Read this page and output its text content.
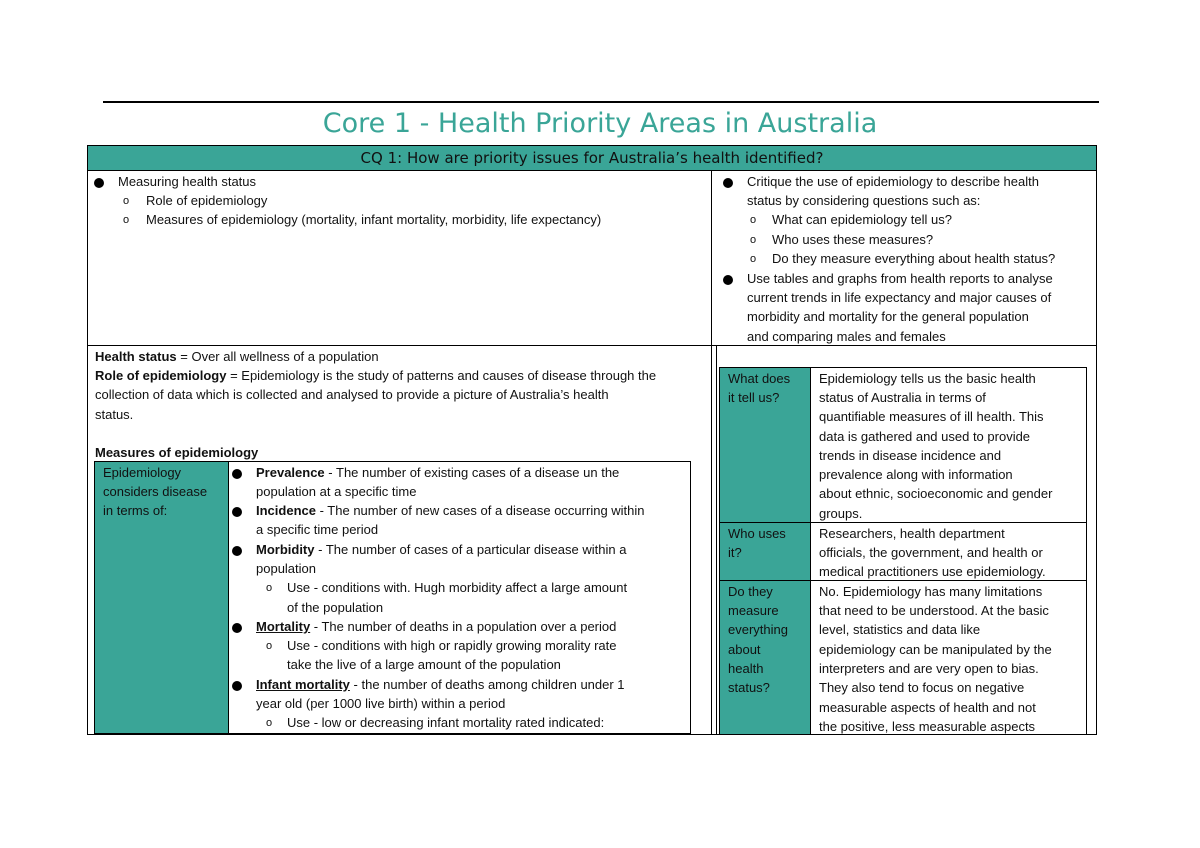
Core 1 - Health Priority Areas in Australia
CQ 1: How are priority issues for Australia’s health identified?
Measuring health status
o Role of epidemiology
o Measures of epidemiology (mortality, infant mortality, morbidity, life expectancy)
Critique the use of epidemiology to describe health
status by considering questions such as:
o What can epidemiology tell us?
o Who uses these measures?
o Do they measure everything about health status?
Use tables and graphs from health reports to analyse
current trends in life expectancy and major causes of
morbidity and mortality for the general population
and comparing males and females
Health status = Over all wellness of a population
Role of epidemiology = Epidemiology is the study of patterns and causes of disease through the
collection of data which is collected and analysed to provide a picture of Australia’s health
status.
Measures of epidemiology
Epidemiology
considers disease
in terms of:
Prevalence - The number of existing cases of a disease un the
population at a specific time
Incidence - The number of new cases of a disease occurring within
a specific time period
Morbidity - The number of cases of a particular disease within a
population
o Use - conditions with. Hugh morbidity affect a large amount
of the population
Mortality - The number of deaths in a population over a period
o Use - conditions with high or rapidly growing morality rate
take the live of a large amount of the population
Infant mortality - the number of deaths among children under 1
year old (per 1000 live birth) within a period
o Use - low or decreasing infant mortality rated indicated:
What does
it tell us?
Epidemiology tells us the basic health
status of Australia in terms of
quantifiable measures of ill health. This
data is gathered and used to provide
trends in disease incidence and
prevalence along with information
about ethnic, socioeconomic and gender
groups.
Who uses
it?
Researchers, health department
officials, the government, and health or
medical practitioners use epidemiology.
Do they
measure
everything
about
health
status?
No. Epidemiology has many limitations
that need to be understood. At the basic
level, statistics and data like
epidemiology can be manipulated by the
interpreters and are very open to bias.
They also tend to focus on negative
measurable aspects of health and not
the positive, less measurable aspects
